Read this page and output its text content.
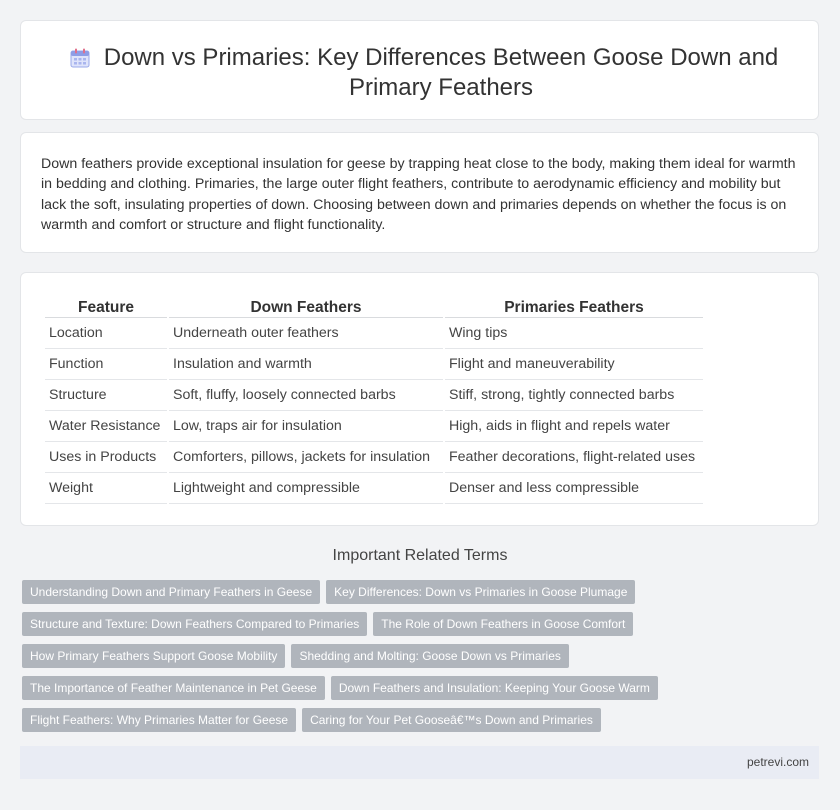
Down vs Primaries: Key Differences Between Goose Down and Primary Feathers

Down feathers provide exceptional insulation for geese by trapping heat close to the body, making them ideal for warmth in bedding and clothing. Primaries, the large outer flight feathers, contribute to aerodynamic efficiency and mobility but lack the soft, insulating properties of down. Choosing between down and primaries depends on whether the focus is on warmth and comfort or structure and flight functionality.

Feature	Down Feathers	Primaries Feathers
Location	Underneath outer feathers	Wing tips
Function	Insulation and warmth	Flight and maneuverability
Structure	Soft, fluffy, loosely connected barbs	Stiff, strong, tightly connected barbs
Water Resistance	Low, traps air for insulation	High, aids in flight and repels water
Uses in Products	Comforters, pillows, jackets for insulation	Feather decorations, flight-related uses
Weight	Lightweight and compressible	Denser and less compressible
Important Related Terms
Understanding Down and Primary Feathers in Geese Key Differences: Down vs Primaries in Goose Plumage
Structure and Texture: Down Feathers Compared to Primaries The Role of Down Feathers in Goose Comfort
How Primary Feathers Support Goose Mobility Shedding and Molting: Goose Down vs Primaries
The Importance of Feather Maintenance in Pet Geese Down Feathers and Insulation: Keeping Your Goose Warm
Flight Feathers: Why Primaries Matter for Geese Caring for Your Pet Gooseâ€™s Down and Primaries
petrevi.com
